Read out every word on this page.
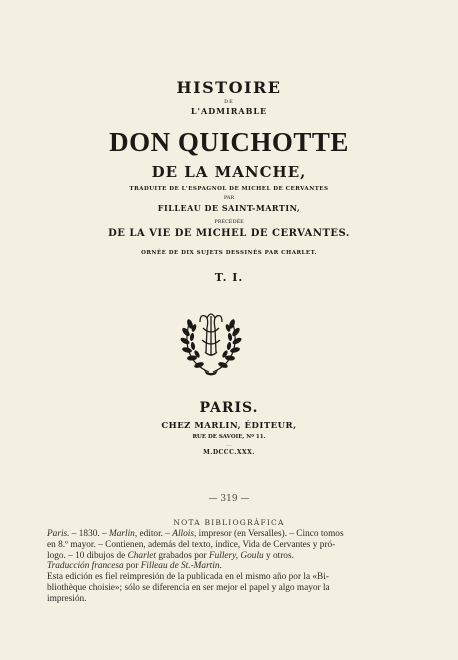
HISTOIRE
DE
L'ADMIRABLE
DON QUICHOTTE
DE LA MANCHE,
TRADUITE DE L'ESPAGNOL DE MICHEL DE CERVANTES
PAR
FILLEAU DE SAINT-MARTIN,
PRÉCÉDÉE
DE LA VIE DE MICHEL DE CERVANTES.
ORNÉE DE DIX SUJETS DESSINÉS PAR CHARLET.
T. I.
PARIS.
CHEZ MARLIN, ÉDITEUR,
RUE DE SAVOIE, Nº 11.
___
M.DCCC.XXX.
— 319 —
NOTA BIBLIOGRÁFICA
Paris. – 1830. – Marlin, editor. – Allois, impresor (en Versalles). – Cinco tomos
en 8.º mayor. – Contienen, además del texto, índice, Vida de Cervantes y pró-
logo. – 10 dibujos de Charlet grabados por Fullery, Goulu y otros.
Traducción francesa por Filleau de St.-Martin.
Esta edición es fiel reimpresión de la publicada en el mismo año por la «Bi-
bliothèque choisie»; sólo se diferencia en ser mejor el papel y algo mayor la
impresión.
